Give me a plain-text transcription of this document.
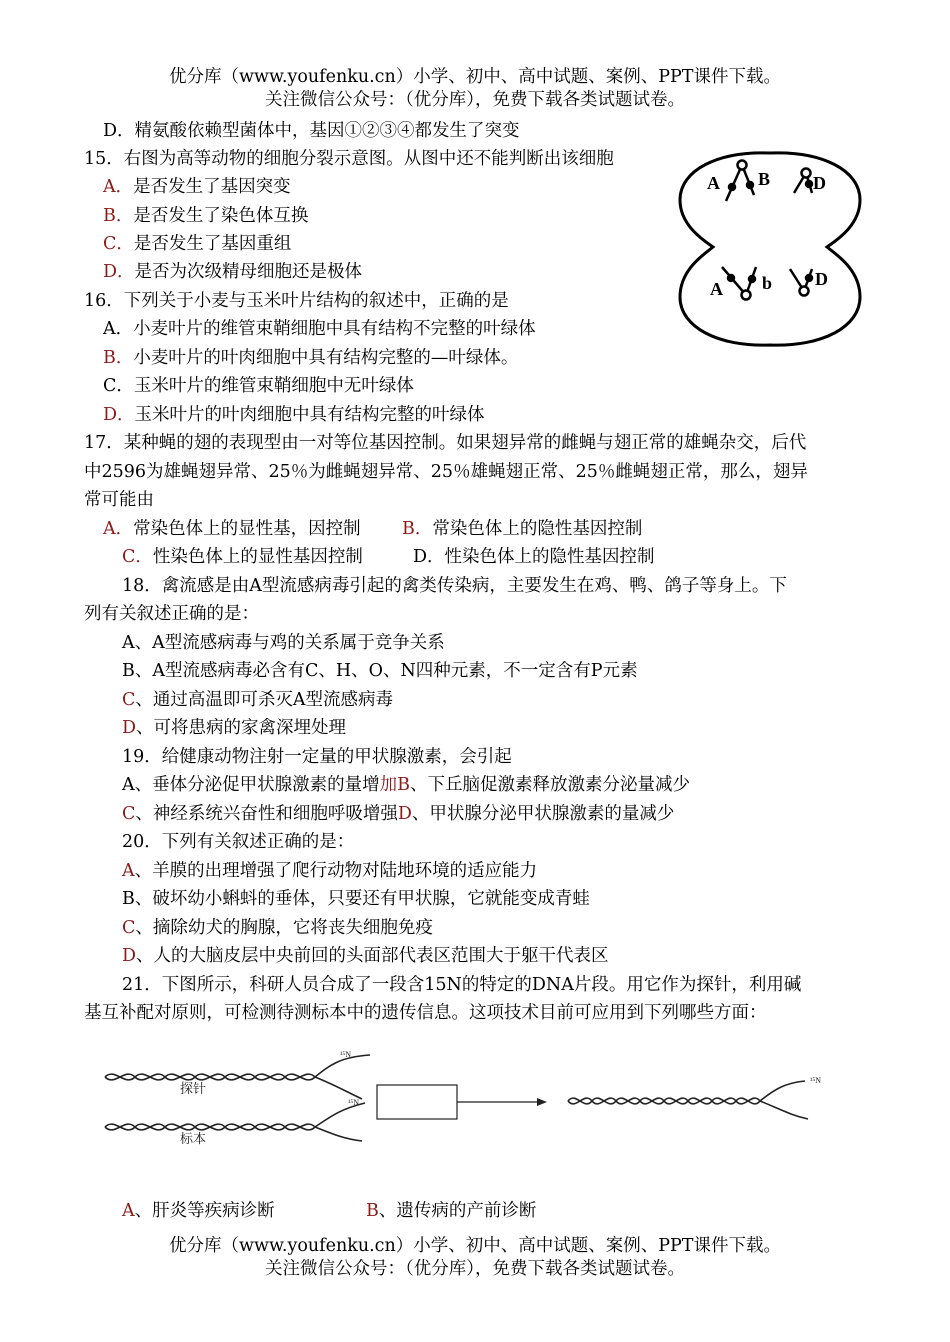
优分库（www.youfenku.cn）小学、初中、高中试题、案例、PPT课件下载。
关注微信公众号：（优分库），免费下载各类试题试卷。
D．精氨酸依赖型菌体中，基因①②③④都发生了突变
15．右图为高等动物的细胞分裂示意图。从图中还不能判断出该细胞
A．是否发生了基因突变
B．是否发生了染色体互换
C．是否发生了基因重组
D．是否为次级精母细胞还是极体
A B D
A b D
16．下列关于小麦与玉米叶片结构的叙述中，正确的是
A．小麦叶片的维管束鞘细胞中具有结构不完整的叶绿体
B．小麦叶片的叶肉细胞中具有结构完整的—叶绿体。
C．玉米叶片的维管束鞘细胞中无叶绿体
D．玉米叶片的叶肉细胞中具有结构完整的叶绿体
17．某种蝇的翅的表现型由一对等位基因控制。如果翅异常的雌蝇与翅正常的雄蝇杂交，后代
中2596为雄蝇翅异常、25％为雌蝇翅异常、25％雄蝇翅正常、25％雌蝇翅正常，那么，翅异
常可能由
A．常染色体上的显性基，因控制 B．常染色体上的隐性基因控制
C．性染色体上的显性基因控制	D．性染色体上的隐性基因控制
18．禽流感是由A型流感病毒引起的禽类传染病，主要发生在鸡、鸭、鸽子等身上。下
列有关叙述正确的是：
A、A型流感病毒与鸡的关系属于竞争关系
B、A型流感病毒必含有C、H、O、N四种元素，不一定含有P元素
C、通过高温即可杀灭A型流感病毒
D、可将患病的家禽深埋处理
19．给健康动物注射一定量的甲状腺激素，会引起
A、垂体分泌促甲状腺激素的量增加B、下丘脑促激素释放激素分泌量减少
C、神经系统兴奋性和细胞呼吸增强D、甲状腺分泌甲状腺激素的量减少
20．下列有关叙述正确的是：
A、羊膜的出理增强了爬行动物对陆地环境的适应能力
B、破坏幼小蝌蚪的垂体，只要还有甲状腺，它就能变成青蛙
C、摘除幼犬的胸腺，它将丧失细胞免疫
D、人的大脑皮层中央前回的头面部代表区范围大于躯干代表区
21．下图所示，科研人员合成了一段含15N的特定的DNA片段。用它作为探针，利用碱
基互补配对原则，可检测待测标本中的遗传信息。这项技术目前可应用到下列哪些方面：
探针
¹⁵N
标本
¹⁵N
¹⁵N
A、肝炎等疾病诊断	B、遗传病的产前诊断
优分库（www.youfenku.cn）小学、初中、高中试题、案例、PPT课件下载。
关注微信公众号：（优分库），免费下载各类试题试卷。
